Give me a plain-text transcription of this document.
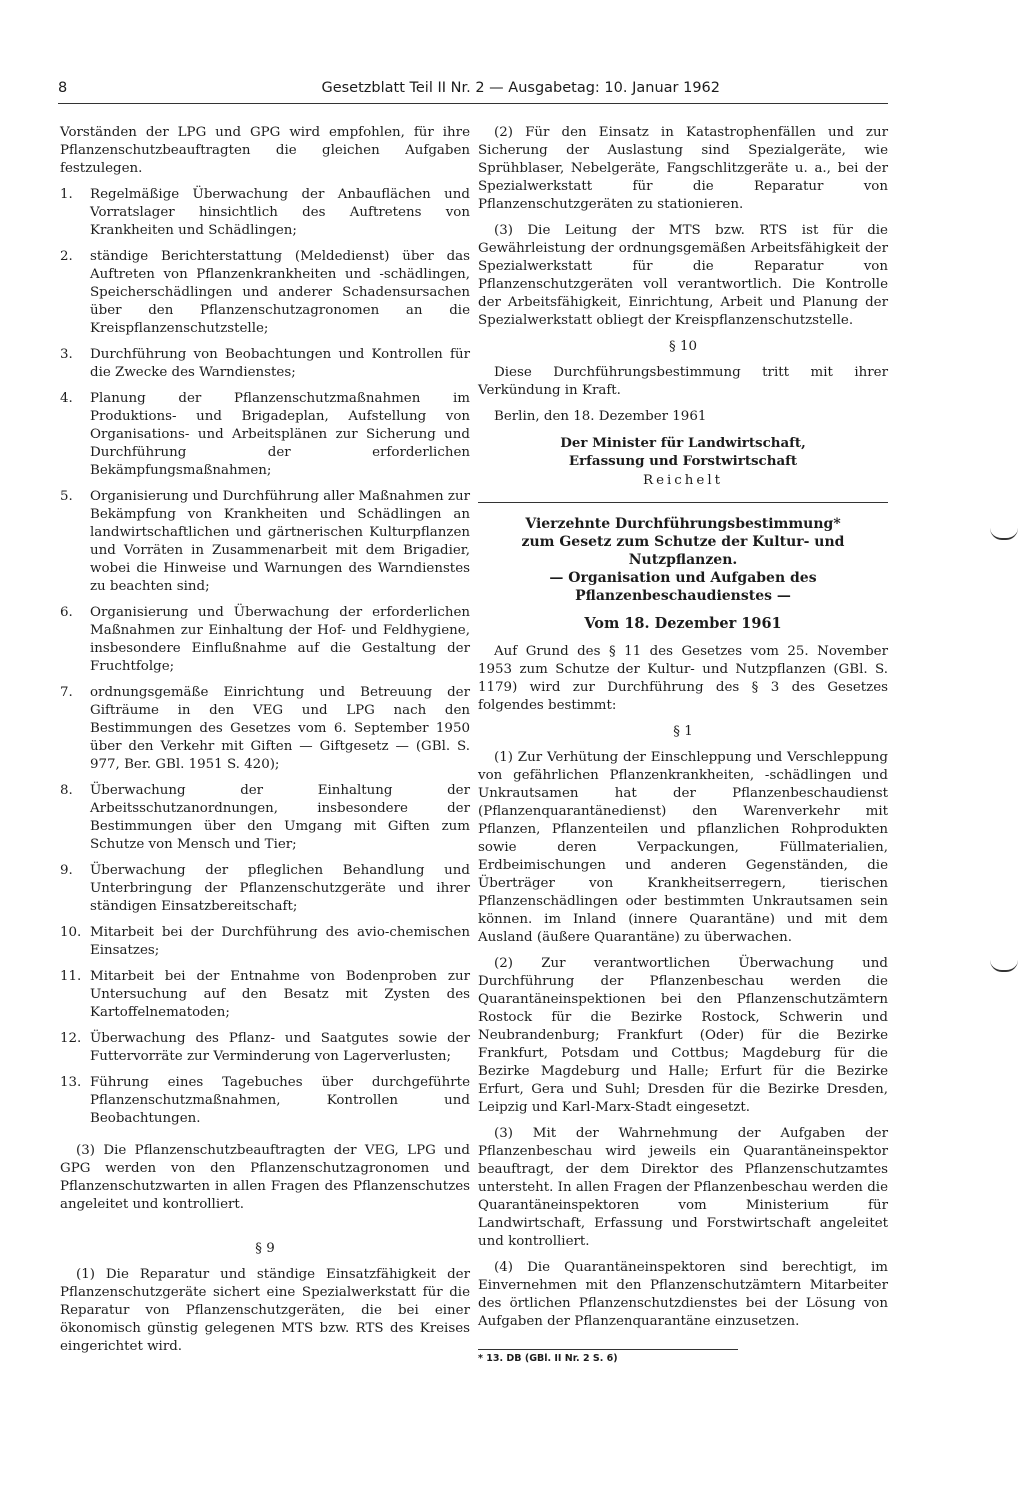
8	Gesetzblatt Teil II Nr. 2 — Ausgabetag: 10. Januar 1962

Vorständen der LPG und GPG wird empfohlen, für ihre Pflanzenschutzbeauftragten die gleichen Aufgaben festzulegen.

1.	Regelmäßige Überwachung der Anbauflächen und Vorratslager hinsichtlich des Auftretens von Krankheiten und Schädlingen;
2.	ständige Berichterstattung (Meldedienst) über das Auftreten von Pflanzenkrankheiten und -schädlingen, Speicherschädlingen und anderer Schadensursachen über den Pflanzenschutzagronomen an die Kreispflanzenschutzstelle;
3.	Durchführung von Beobachtungen und Kontrollen für die Zwecke des Warndienstes;
4.	Planung der Pflanzenschutzmaßnahmen im Produktions- und Brigadeplan, Aufstellung von Organisations- und Arbeitsplänen zur Sicherung und Durchführung der erforderlichen Bekämpfungsmaßnahmen;
5.	Organisierung und Durchführung aller Maßnahmen zur Bekämpfung von Krankheiten und Schädlingen an landwirtschaftlichen und gärtnerischen Kulturpflanzen und Vorräten in Zusammenarbeit mit dem Brigadier, wobei die Hinweise und Warnungen des Warndienstes zu beachten sind;
6.	Organisierung und Überwachung der erforderlichen Maßnahmen zur Einhaltung der Hof- und Feldhygiene, insbesondere Einflußnahme auf die Gestaltung der Fruchtfolge;
7.	ordnungsgemäße Einrichtung und Betreuung der Gifträume in den VEG und LPG nach den Bestimmungen des Gesetzes vom 6. September 1950 über den Verkehr mit Giften — Giftgesetz — (GBl. S. 977, Ber. GBl. 1951 S. 420);
8.	Überwachung der Einhaltung der Arbeitsschutzanordnungen, insbesondere der Bestimmungen über den Umgang mit Giften zum Schutze von Mensch und Tier;
9.	Überwachung der pfleglichen Behandlung und Unterbringung der Pflanzenschutzgeräte und ihrer ständigen Einsatzbereitschaft;
10. Mitarbeit bei der Durchführung des avio-chemischen Einsatzes;
11. Mitarbeit bei der Entnahme von Bodenproben zur Untersuchung auf den Besatz mit Zysten des Kartoffelnematoden;
12. Überwachung des Pflanz- und Saatgutes sowie der Futtervorräte zur Verminderung von Lagerverlusten;
13. Führung eines Tagebuches über durchgeführte Pflanzenschutzmaßnahmen, Kontrollen und Beobachtungen.

(3) Die Pflanzenschutzbeauftragten der VEG, LPG und GPG werden von den Pflanzenschutzagronomen und Pflanzenschutzwarten in allen Fragen des Pflanzenschutzes angeleitet und kontrolliert.

§ 9

(1) Die Reparatur und ständige Einsatzfähigkeit der Pflanzenschutzgeräte sichert eine Spezialwerkstatt für die Reparatur von Pflanzenschutzgeräten, die bei einer ökonomisch günstig gelegenen MTS bzw. RTS des Kreises eingerichtet wird.

(2) Für den Einsatz in Katastrophenfällen und zur Sicherung der Auslastung sind Spezialgeräte, wie Sprühblaser, Nebelgeräte, Fangschlitzgeräte u. a., bei der Spezialwerkstatt für die Reparatur von Pflanzenschutzgeräten zu stationieren.

(3) Die Leitung der MTS bzw. RTS ist für die Gewährleistung der ordnungsgemäßen Arbeitsfähigkeit der Spezialwerkstatt für die Reparatur von Pflanzenschutzgeräten voll verantwortlich. Die Kontrolle der Arbeitsfähigkeit, Einrichtung, Arbeit und Planung der Spezialwerkstatt obliegt der Kreispflanzenschutzstelle.

§ 10

Diese Durchführungsbestimmung tritt mit ihrer Verkündung in Kraft.

Berlin, den 18. Dezember 1961

Der Minister für Landwirtschaft,
Erfassung und Forstwirtschaft
Reichelt
Vierzehnte Durchführungsbestimmung*
zum Gesetz zum Schutze der Kultur- und Nutzpflanzen.
— Organisation und Aufgaben des Pflanzenbeschaudienstes —
Vom 18. Dezember 1961

Auf Grund des § 11 des Gesetzes vom 25. November 1953 zum Schutze der Kultur- und Nutzpflanzen (GBl. S. 1179) wird zur Durchführung des § 3 des Gesetzes folgendes bestimmt:

§ 1

(1) Zur Verhütung der Einschleppung und Verschleppung von gefährlichen Pflanzenkrankheiten, -schädlingen und Unkrautsamen hat der Pflanzenbeschaudienst (Pflanzenquarantänedienst) den Warenverkehr mit Pflanzen, Pflanzenteilen und pflanzlichen Rohprodukten sowie deren Verpackungen, Füllmaterialien, Erdbeimischungen und anderen Gegenständen, die Überträger von Krankheitserregern, tierischen Pflanzenschädlingen oder bestimmten Unkrautsamen sein können. im Inland (innere Quarantäne) und mit dem Ausland (äußere Quarantäne) zu überwachen.

(2) Zur verantwortlichen Überwachung und Durchführung der Pflanzenbeschau werden die Quarantäneinspektionen bei den Pflanzenschutzämtern Rostock für die Bezirke Rostock, Schwerin und Neubrandenburg; Frankfurt (Oder) für die Bezirke Frankfurt, Potsdam und Cottbus; Magdeburg für die Bezirke Magdeburg und Halle; Erfurt für die Bezirke Erfurt, Gera und Suhl; Dresden für die Bezirke Dresden, Leipzig und Karl-Marx-Stadt eingesetzt.

(3) Mit der Wahrnehmung der Aufgaben der Pflanzenbeschau wird jeweils ein Quarantäneinspektor beauftragt, der dem Direktor des Pflanzenschutzamtes untersteht. In allen Fragen der Pflanzenbeschau werden die Quarantäneinspektoren vom Ministerium für Landwirtschaft, Erfassung und Forstwirtschaft angeleitet und kontrolliert.

(4) Die Quarantäneinspektoren sind berechtigt, im Einvernehmen mit den Pflanzenschutzämtern Mitarbeiter des örtlichen Pflanzenschutzdienstes bei der Lösung von Aufgaben der Pflanzenquarantäne einzusetzen.

* 13. DB (GBl. II Nr. 2 S. 6)
